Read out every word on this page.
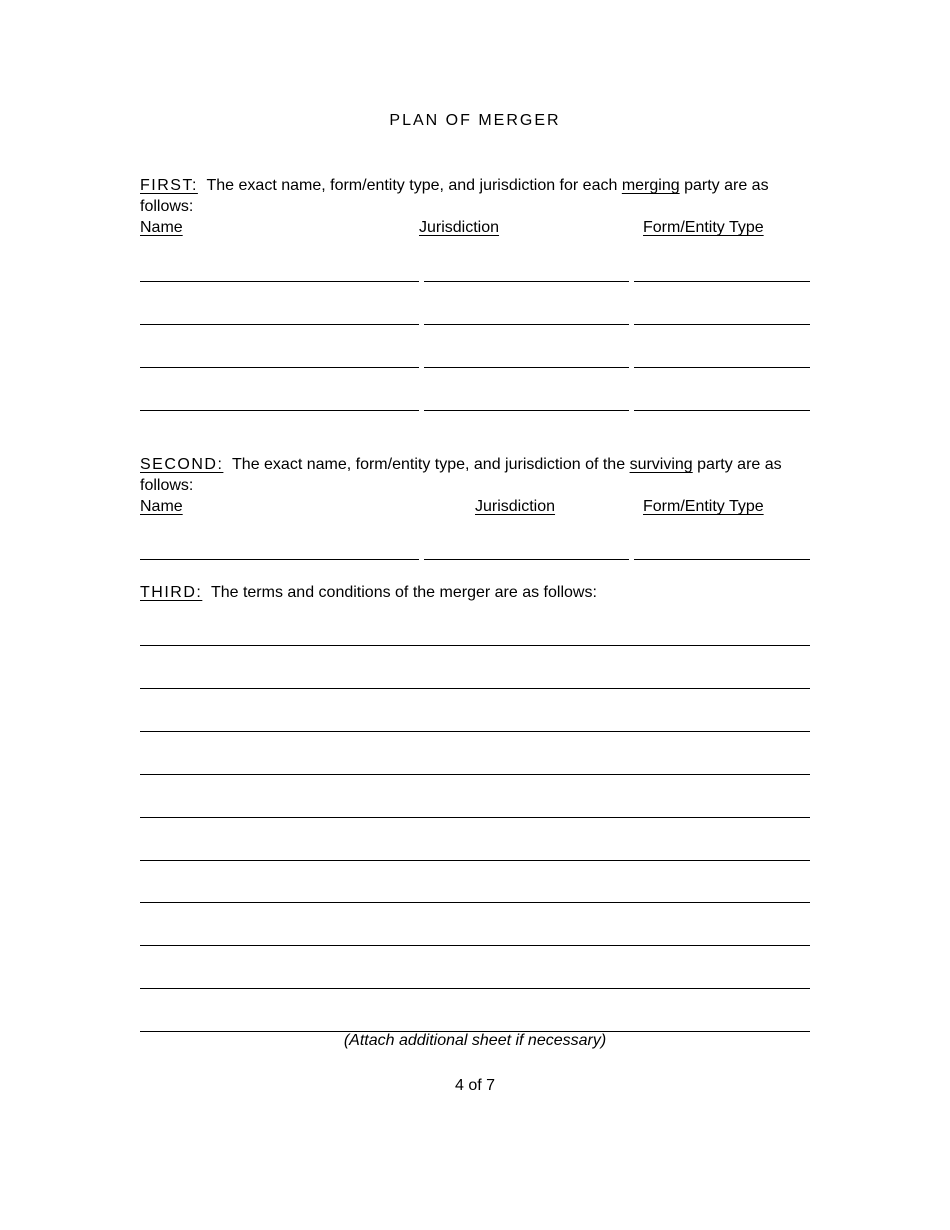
PLAN OF MERGER
FIRST: The exact name, form/entity type, and jurisdiction for each merging party are as follows:
Name	Jurisdiction	Form/Entity Type
SECOND: The exact name, form/entity type, and jurisdiction of the surviving party are as follows:
Name	Jurisdiction	Form/Entity Type
THIRD: The terms and conditions of the merger are as follows:
(Attach additional sheet if necessary)
4 of 7
